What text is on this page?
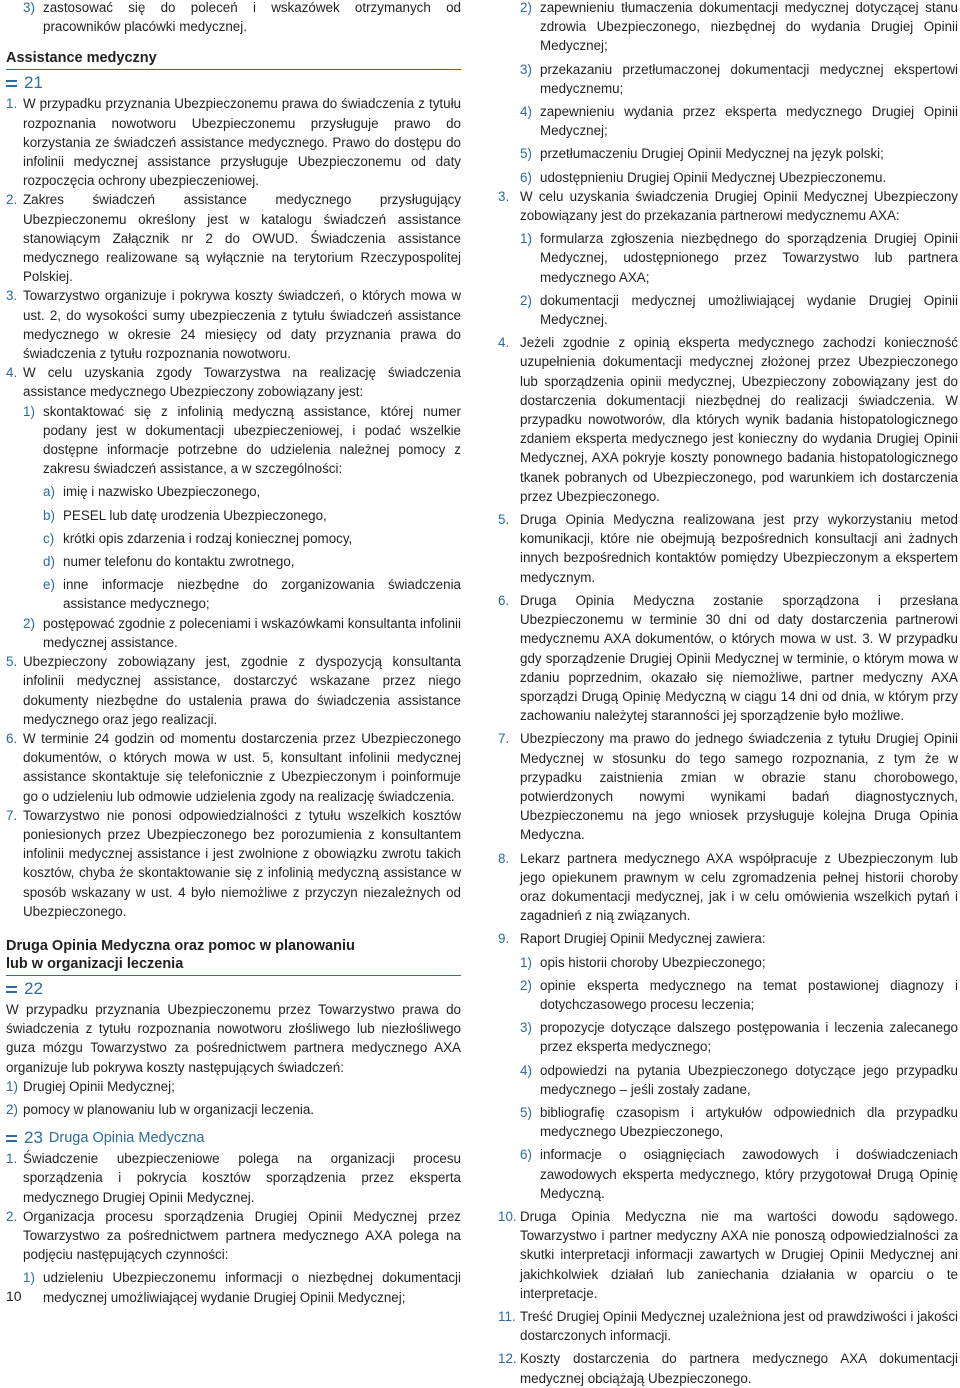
3) zastosować się do poleceń i wskazówek otrzymanych od pracowników placówki medycznej.
Assistance medyczny
21
1. W przypadku przyznania Ubezpieczonemu prawa do świadczenia z tytułu rozpoznania nowotworu Ubezpieczonemu przysługuje prawo do korzystania ze świadczeń assistance medycznego. Prawo do dostępu do infolinii medycznej assistance przysługuje Ubezpieczonemu od daty rozpoczęcia ochrony ubezpieczeniowej.
2. Zakres świadczeń assistance medycznego przysługujący Ubezpieczonemu określony jest w katalogu świadczeń assistance stanowiącym Załącznik nr 2 do OWUD. Świadczenia assistance medycznego realizowane są wyłącznie na terytorium Rzeczypospolitej Polskiej.
3. Towarzystwo organizuje i pokrywa koszty świadczeń, o których mowa w ust. 2, do wysokości sumy ubezpieczenia z tytułu świadczeń assistance medycznego w okresie 24 miesięcy od daty przyznania prawa do świadczenia z tytułu rozpoznania nowotworu.
4. W celu uzyskania zgody Towarzystwa na realizację świadczenia assistance medycznego Ubezpieczony zobowiązany jest:
1) skontaktować się z infolinią medyczną assistance, której numer podany jest w dokumentacji ubezpieczeniowej, i podać wszelkie dostępne informacje potrzebne do udzielenia należnej pomocy z zakresu świadczeń assistance, a w szczególności:
a) imię i nazwisko Ubezpieczonego,
b) PESEL lub datę urodzenia Ubezpieczonego,
c) krótki opis zdarzenia i rodzaj koniecznej pomocy,
d) numer telefonu do kontaktu zwrotnego,
e) inne informacje niezbędne do zorganizowania świadczenia assistance medycznego;
2) postępować zgodnie z poleceniami i wskazówkami konsultanta infolinii medycznej assistance.
5. Ubezpieczony zobowiązany jest, zgodnie z dyspozycją konsultanta infolinii medycznej assistance, dostarczyć wskazane przez niego dokumenty niezbędne do ustalenia prawa do świadczenia assistance medycznego oraz jego realizacji.
6. W terminie 24 godzin od momentu dostarczenia przez Ubezpieczonego dokumentów, o których mowa w ust. 5, konsultant infolinii medycznej assistance skontaktuje się telefonicznie z Ubezpieczonym i poinformuje go o udzieleniu lub odmowie udzielenia zgody na realizację świadczenia.
7. Towarzystwo nie ponosi odpowiedzialności z tytułu wszelkich kosztów poniesionych przez Ubezpieczonego bez porozumienia z konsultantem infolinii medycznej assistance i jest zwolnione z obowiązku zwrotu takich kosztów, chyba że skontaktowanie się z infolinią medyczną assistance w sposób wskazany w ust. 4 było niemożliwe z przyczyn niezależnych od Ubezpieczonego.
Druga Opinia Medyczna oraz pomoc w planowaniu
lub w organizacji leczenia
22

W przypadku przyznania Ubezpieczonemu przez Towarzystwo prawa do świadczenia z tytułu rozpoznania nowotworu złośliwego lub niezłośliwego guza mózgu Towarzystwo za pośrednictwem partnera medycznego AXA organizuje lub pokrywa koszty następujących świadczeń:

1) Drugiej Opinii Medycznej;
2) pomocy w planowaniu lub w organizacji leczenia.
23 Druga Opinia Medyczna
1. Świadczenie ubezpieczeniowe polega na organizacji procesu sporządzenia i pokrycia kosztów sporządzenia przez eksperta medycznego Drugiej Opinii Medycznej.
2. Organizacja procesu sporządzenia Drugiej Opinii Medycznej przez Towarzystwo za pośrednictwem partnera medycznego AXA polega na podjęciu następujących czynności:
1) udzieleniu Ubezpieczonemu informacji o niezbędnej dokumentacji medycznej umożliwiającej wydanie Drugiej Opinii Medycznej;
2) zapewnieniu tłumaczenia dokumentacji medycznej dotyczącej stanu zdrowia Ubezpieczonego, niezbędnej do wydania Drugiej Opinii Medycznej;
3) przekazaniu przetłumaczonej dokumentacji medycznej ekspertowi medycznemu;
4) zapewnieniu wydania przez eksperta medycznego Drugiej Opinii Medycznej;
5) przetłumaczeniu Drugiej Opinii Medycznej na język polski;
6) udostępnieniu Drugiej Opinii Medycznej Ubezpieczonemu.
3. W celu uzyskania świadczenia Drugiej Opinii Medycznej Ubezpieczony zobowiązany jest do przekazania partnerowi medycznemu AXA:
1) formularza zgłoszenia niezbędnego do sporządzenia Drugiej Opinii Medycznej, udostępnionego przez Towarzystwo lub partnera medycznego AXA;
2) dokumentacji medycznej umożliwiającej wydanie Drugiej Opinii Medycznej.
4. Jeżeli zgodnie z opinią eksperta medycznego zachodzi konieczność uzupełnienia dokumentacji medycznej złożonej przez Ubezpieczonego lub sporządzenia opinii medycznej, Ubezpieczony zobowiązany jest do dostarczenia dokumentacji niezbędnej do realizacji świadczenia. W przypadku nowotworów, dla których wynik badania histopatologicznego zdaniem eksperta medycznego jest konieczny do wydania Drugiej Opinii Medycznej, AXA pokryje koszty ponownego badania histopatologicznego tkanek pobranych od Ubezpieczonego, pod warunkiem ich dostarczenia przez Ubezpieczonego.
5. Druga Opinia Medyczna realizowana jest przy wykorzystaniu metod komunikacji, które nie obejmują bezpośrednich konsultacji ani żadnych innych bezpośrednich kontaktów pomiędzy Ubezpieczonym a ekspertem medycznym.
6. Druga Opinia Medyczna zostanie sporządzona i przesłana Ubezpieczonemu w terminie 30 dni od daty dostarczenia partnerowi medycznemu AXA dokumentów, o których mowa w ust. 3. W przypadku gdy sporządzenie Drugiej Opinii Medycznej w terminie, o którym mowa w zdaniu poprzednim, okazało się niemożliwe, partner medyczny AXA sporządzi Drugą Opinię Medyczną w ciągu 14 dni od dnia, w którym przy zachowaniu należytej staranności jej sporządzenie było możliwe.
7. Ubezpieczony ma prawo do jednego świadczenia z tytułu Drugiej Opinii Medycznej w stosunku do tego samego rozpoznania, z tym że w przypadku zaistnienia zmian w obrazie stanu chorobowego, potwierdzonych nowymi wynikami badań diagnostycznych, Ubezpieczonemu na jego wniosek przysługuje kolejna Druga Opinia Medyczna.
8. Lekarz partnera medycznego AXA współpracuje z Ubezpieczonym lub jego opiekunem prawnym w celu zgromadzenia pełnej historii choroby oraz dokumentacji medycznej, jak i w celu omówienia wszelkich pytań i zagadnień z nią związanych.
9. Raport Drugiej Opinii Medycznej zawiera:
1) opis historii choroby Ubezpieczonego;
2) opinie eksperta medycznego na temat postawionej diagnozy i dotychczasowego procesu leczenia;
3) propozycje dotyczące dalszego postępowania i leczenia zalecanego przez eksperta medycznego;
4) odpowiedzi na pytania Ubezpieczonego dotyczące jego przypadku medycznego – jeśli zostały zadane,
5) bibliografię czasopism i artykułów odpowiednich dla przypadku medycznego Ubezpieczonego,
6) informacje o osiągnięciach zawodowych i doświadczeniach zawodowych eksperta medycznego, który przygotował Drugą Opinię Medyczną.
10. Druga Opinia Medyczna nie ma wartości dowodu sądowego. Towarzystwo i partner medyczny AXA nie ponoszą odpowiedzialności za skutki interpretacji informacji zawartych w Drugiej Opinii Medycznej ani jakichkolwiek działań lub zaniechania działania w oparciu o te interpretacje.
11. Treść Drugiej Opinii Medycznej uzależniona jest od prawdziwości i jakości dostarczonych informacji.
12. Koszty dostarczenia do partnera medycznego AXA dokumentacji medycznej obciążają Ubezpieczonego.
10
